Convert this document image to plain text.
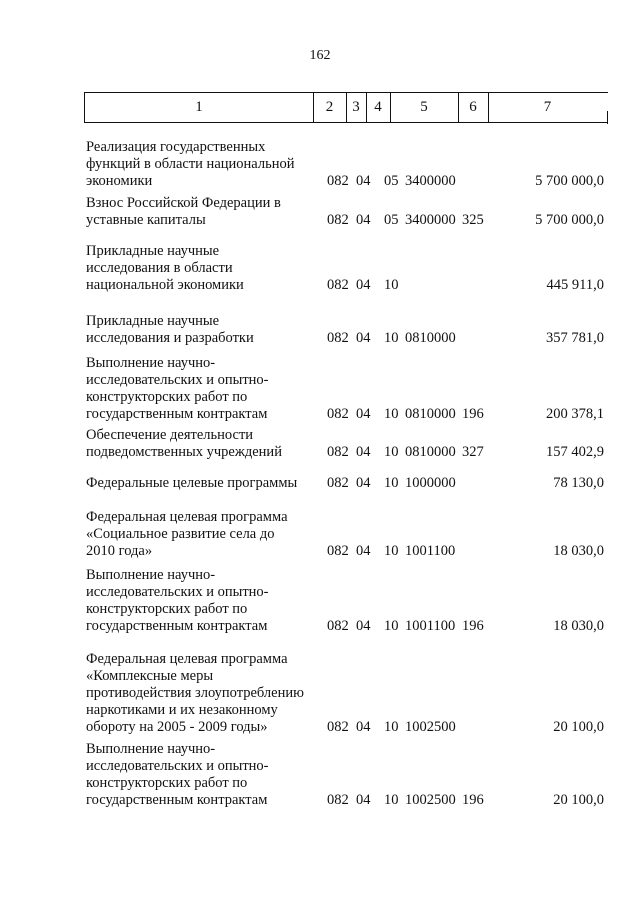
162
1	2	3 4	5	6	7
Реализация государственных
функций в области национальной
экономики	082 04 05 3400000	5 700 000,0
Взнос Российской Федерации в
уставные капиталы	082 04 05 3400000 325	5 700 000,0
Прикладные научные
исследования в области
национальной экономики	082 04 10	445 911,0
Прикладные научные
исследования и разработки	082 04 10 0810000	357 781,0
Выполнение научно-
исследовательских и опытно-
конструкторских работ по
государственным контрактам	082 04 10 0810000 196	200 378,1
Обеспечение деятельности
подведомственных учреждений	082 04 10 0810000 327	157 402,9
Федеральные целевые программы	082 04 10 1000000	78 130,0
Федеральная целевая программа
«Социальное развитие села до
2010 года»	082 04 10 1001100	18 030,0
Выполнение научно-
исследовательских и опытно-
конструкторских работ по
государственным контрактам	082 04 10 1001100 196	18 030,0
Федеральная целевая программа
«Комплексные меры
противодействия злоупотреблению
наркотиками и их незаконному
обороту на 2005 - 2009 годы»	082 04 10 1002500	20 100,0
Выполнение научно-
исследовательских и опытно-
конструкторских работ по
государственным контрактам	082 04 10 1002500 196	20 100,0
